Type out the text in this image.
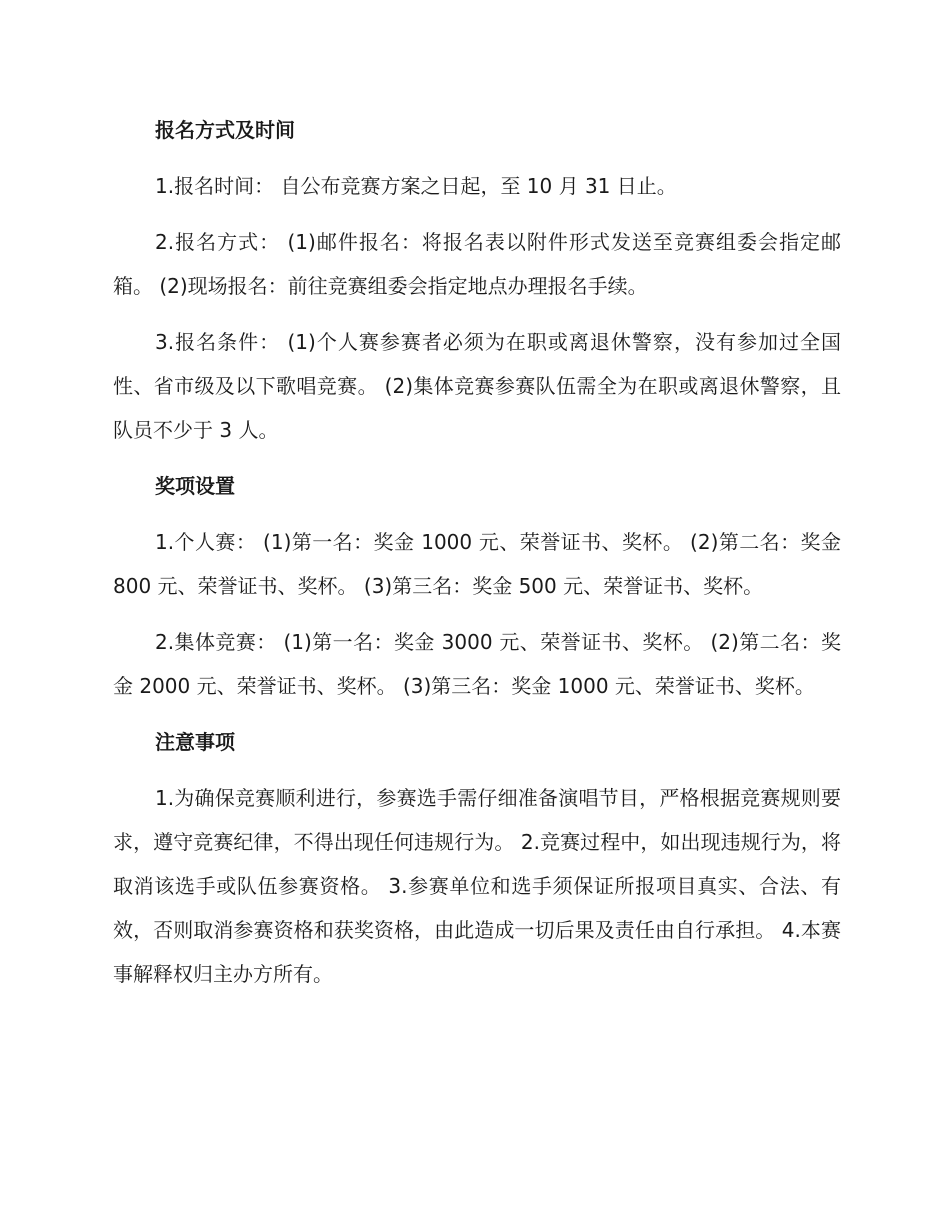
报名方式及时间

1.报名时间： 自公布竞赛方案之日起，至 10 月 31 日止。

2.报名方式： (1)邮件报名：将报名表以附件形式发送至竞赛组委会指定邮箱。 (2)现场报名：前往竞赛组委会指定地点办理报名手续。

3.报名条件： (1)个人赛参赛者必须为在职或离退休警察，没有参加过全国性、省市级及以下歌唱竞赛。 (2)集体竞赛参赛队伍需全为在职或离退休警察，且队员不少于 3 人。

奖项设置

1.个人赛： (1)第一名：奖金 1000 元、荣誉证书、奖杯。 (2)第二名：奖金 800 元、荣誉证书、奖杯。 (3)第三名：奖金 500 元、荣誉证书、奖杯。

2.集体竞赛： (1)第一名：奖金 3000 元、荣誉证书、奖杯。 (2)第二名：奖金 2000 元、荣誉证书、奖杯。 (3)第三名：奖金 1000 元、荣誉证书、奖杯。

注意事项

1.为确保竞赛顺利进行，参赛选手需仔细准备演唱节目，严格根据竞赛规则要求，遵守竞赛纪律，不得出现任何违规行为。 2.竞赛过程中，如出现违规行为，将取消该选手或队伍参赛资格。 3.参赛单位和选手须保证所报项目真实、合法、有效，否则取消参赛资格和获奖资格，由此造成一切后果及责任由自行承担。 4.本赛事解释权归主办方所有。
